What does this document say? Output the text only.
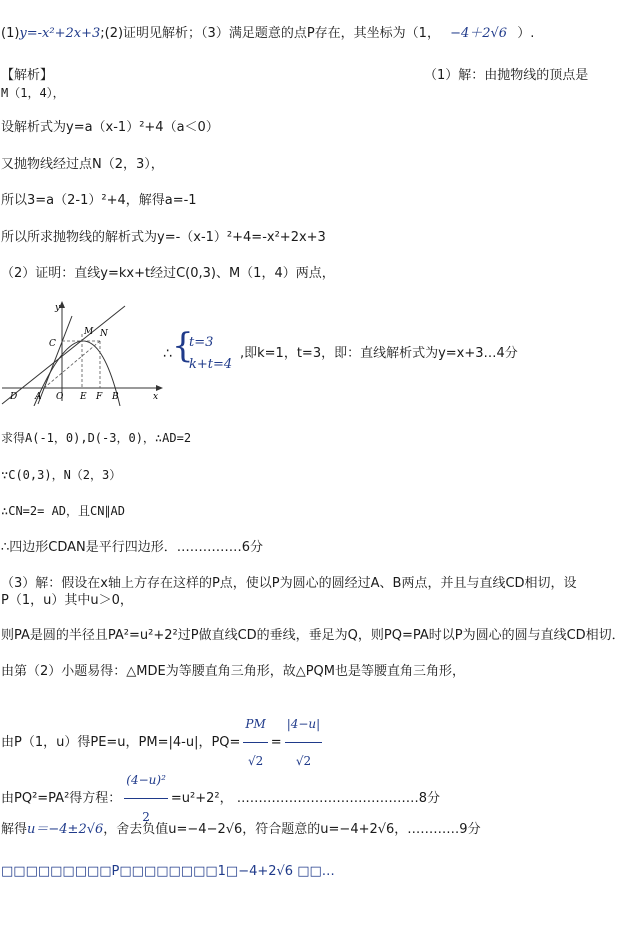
(1)y=-x²+2x+3;(2)证明见解析；（3）满足题意的点P存在，其坐标为（1， −4＋2√6 ）.
【解析】	（1）解：由抛物线的顶点是
M（1，4），
设解析式为y=a（x-1）²+4（a＜0）
又抛物线经过点N（2，3），
所以3=a（2-1）²+4，解得a=-1
所以所求抛物线的解析式为y=-（x-1）²+4=-x²+2x+3
（2）证明：直线y=kx+t经过C(0,3)、M（1，4）两点，
y
C
M N
D A O E F B	x
∴ {
t=3
k+t=4
,即k=1，t=3，即：直线解析式为y=x+3…4分
求得A(-1，0),D(-3，0)，∴AD=2
∵C(0,3)，N（2，3）
∴CN=2= AD，且CN∥AD
∴四边形CDAN是平行四边形．……………6分
（3）解：假设在x轴上方存在这样的P点，使以P为圆心的圆经过A、B两点，并且与直线CD相切，设
P（1，u）其中u＞0，
则PA是圆的半径且PA²=u²+2²过P做直线CD的垂线，垂足为Q，则PQ=PA时以P为圆心的圆与直线CD相切．
由第（2）小题易得：△MDE为等腰直角三角形，故△PQM也是等腰直角三角形，
由P（1，u）得PE=u，PM=|4-u|，$PQ= \frac{PM}{√2} = \frac{|4-u|}{√2}$
由PQ²=PA²得方程： $\frac{\text{(4−u)²}}{2} =u^2+2^2$， ……………………………………8分
解得u＝−4±2√6，舍去负值u=−4−2√6，符合题意的u=−4+2√6，…………9分
□□□□□□□□□P□□□□□□□□1□−4+2√6 □□…
